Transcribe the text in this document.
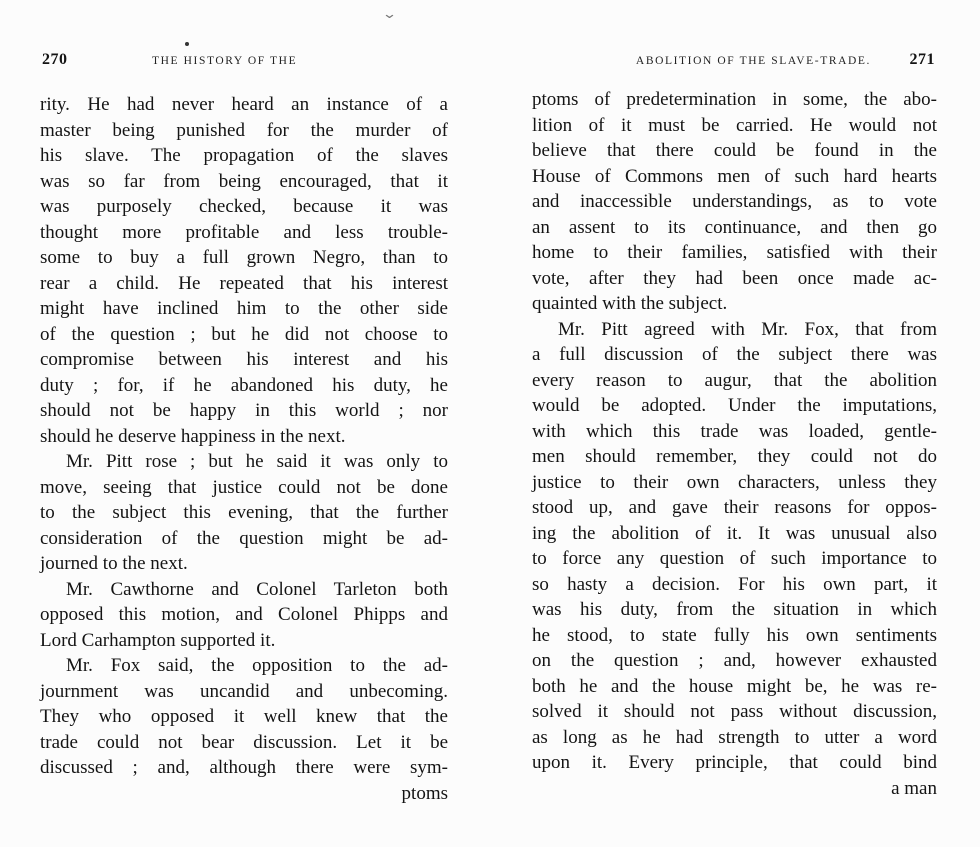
⌄
270	THE HISTORY OF THE
rity. He had never heard an instance of a
master being punished for the murder of
his slave. The propagation of the slaves
was so far from being encouraged, that it
was purposely checked, because it was
thought more profitable and less trouble-
some to buy a full grown Negro, than to
rear a child. He repeated that his interest
might have inclined him to the other side
of the question ; but he did not choose to
compromise between his interest and his
duty ; for, if he abandoned his duty, he
should not be happy in this world ; nor
should he deserve happiness in the next.
Mr. Pitt rose ; but he said it was only to
move, seeing that justice could not be done
to the subject this evening, that the further
consideration of the question might be ad-
journed to the next.
Mr. Cawthorne and Colonel Tarleton both
opposed this motion, and Colonel Phipps and
Lord Carhampton supported it.
Mr. Fox said, the opposition to the ad-
journment was uncandid and unbecoming.
They who opposed it well knew that the
trade could not bear discussion. Let it be
discussed ; and, although there were sym-
ptoms
ABOLITION OF THE SLAVE-TRADE. 271
ptoms of predetermination in some, the abo-
lition of it must be carried. He would not
believe that there could be found in the
House of Commons men of such hard hearts
and inaccessible understandings, as to vote
an assent to its continuance, and then go
home to their families, satisfied with their
vote, after they had been once made ac-
quainted with the subject.
Mr. Pitt agreed with Mr. Fox, that from
a full discussion of the subject there was
every reason to augur, that the abolition
would be adopted. Under the imputations,
with which this trade was loaded, gentle-
men should remember, they could not do
justice to their own characters, unless they
stood up, and gave their reasons for oppos-
ing the abolition of it. It was unusual also
to force any question of such importance to
so hasty a decision. For his own part, it
was his duty, from the situation in which
he stood, to state fully his own sentiments
on the question ; and, however exhausted
both he and the house might be, he was re-
solved it should not pass without discussion,
as long as he had strength to utter a word
upon it. Every principle, that could bind
a man
